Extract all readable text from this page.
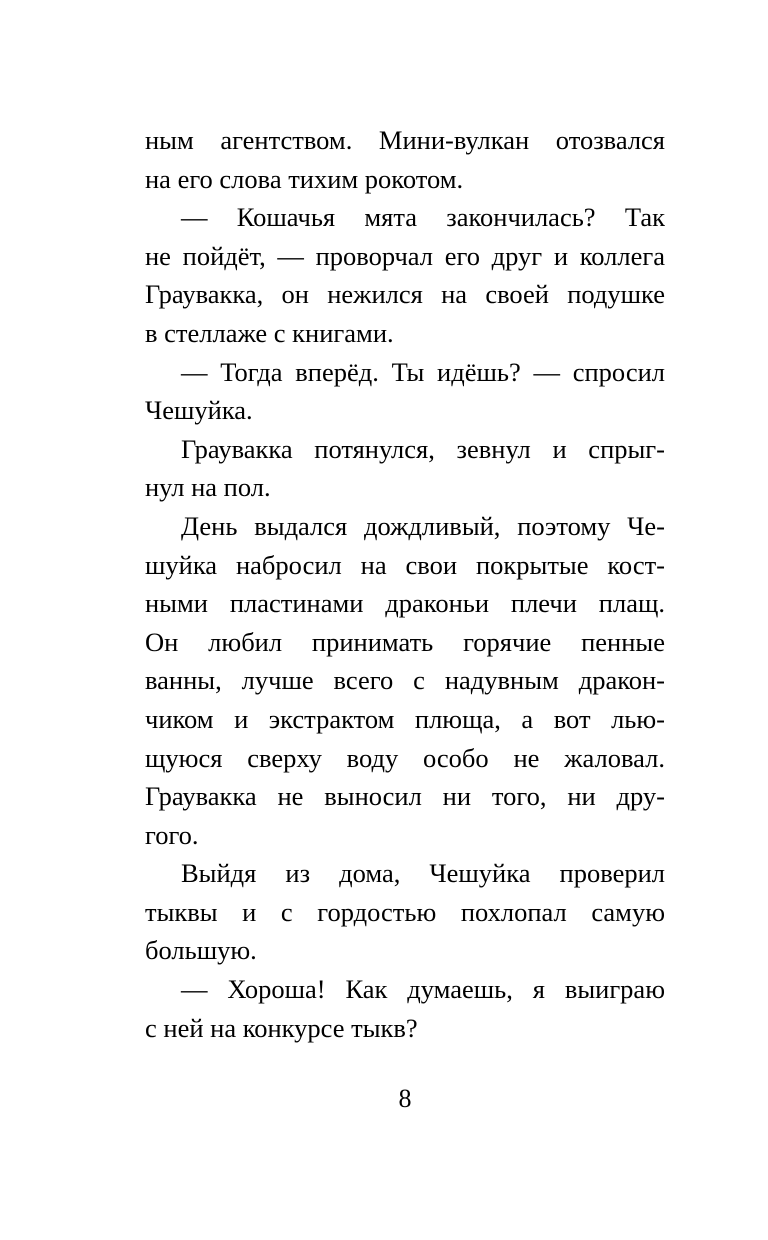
ным агентством. Мини-вулкан отозвался
на его слова тихим рокотом.
— Кошачья мята закончилась? Так
не пойдёт, — проворчал его друг и коллега
Граувакка, он нежился на своей подушке
в стеллаже с книгами.
— Тогда вперёд. Ты идёшь? — спросил
Чешуйка.
Граувакка потянулся, зевнул и спрыг-
нул на пол.
День выдался дождливый, поэтому Че-
шуйка набросил на свои покрытые кост-
ными пластинами драконьи плечи плащ.
Он любил принимать горячие пенные
ванны, лучше всего с надувным дракон-
чиком и экстрактом плюща, а вот лью-
щуюся сверху воду особо не жаловал.
Граувакка не выносил ни того, ни дру-
гого.
Выйдя из дома, Чешуйка проверил
тыквы и с гордостью похлопал самую
большую.
— Хороша! Как думаешь, я выиграю
с ней на конкурсе тыкв?
8
